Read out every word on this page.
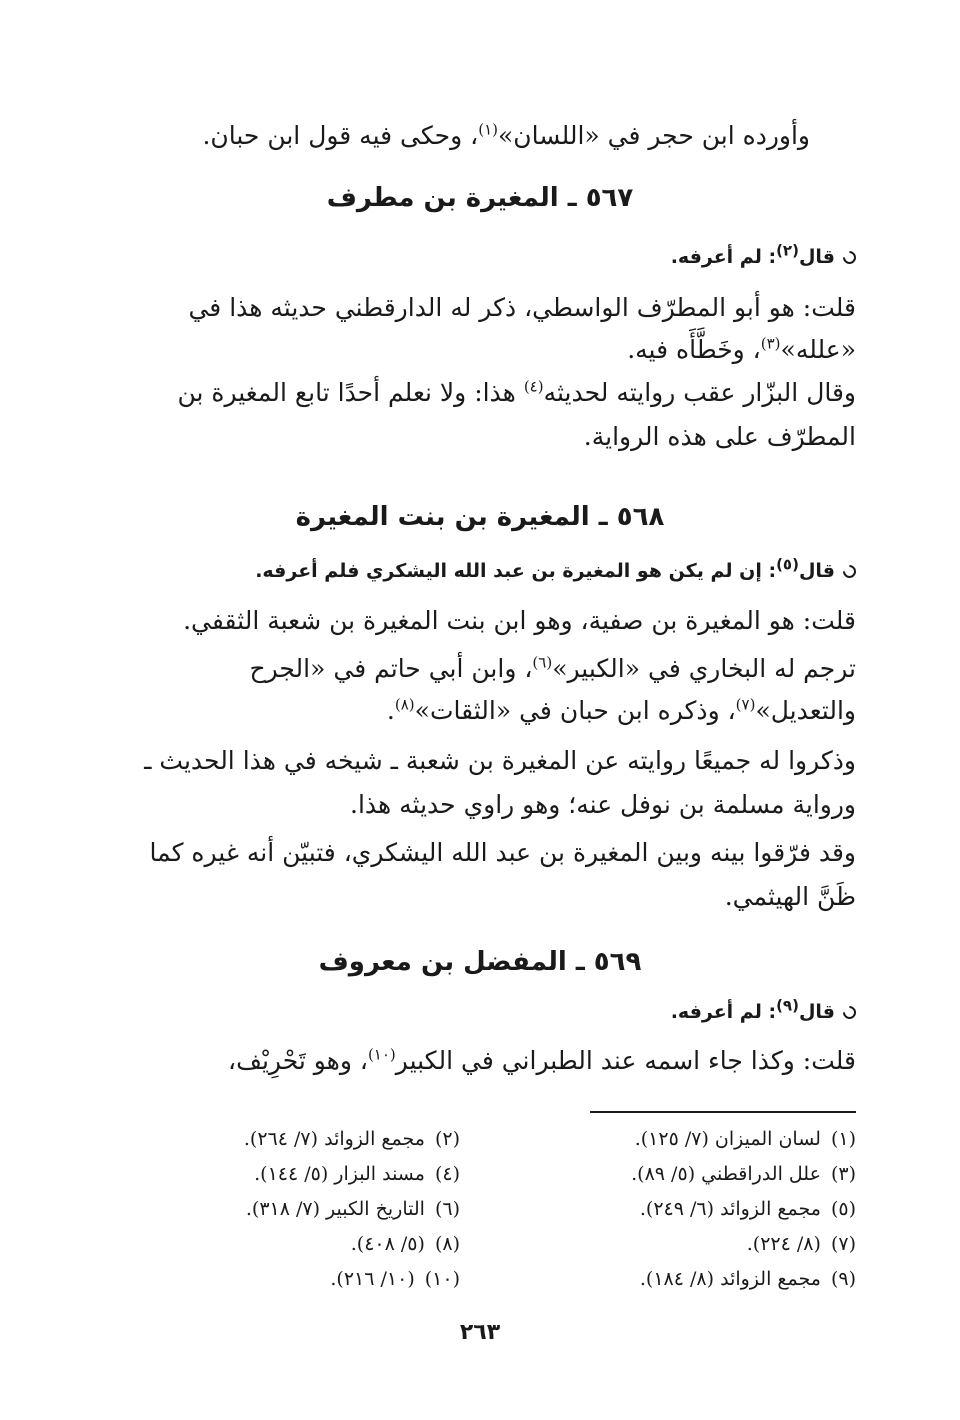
وأورده ابن حجر في «اللسان»$^{(١)}$، وحكى فيه قول ابن حبان.
٥٦٧ ـ المغيرة بن مطرف
قال$^{(٢)}$: لم أعرفه.
قلت: هو أبو المطرّف الواسطي، ذكر له الدارقطني حديثه هذا في
«علله»$^{(٣)}$، وخَطَّأَه فيه.
وقال البزّار عقب روايته لحديثه$^{(٤)}$ هذا: ولا نعلم أحدًا تابع المغيرة بن
المطرّف على هذه الرواية.
٥٦٨ ـ المغيرة بن بنت المغيرة
قال$^{(٥)}$: إن لم يكن هو المغيرة بن عبد الله اليشكري فلم أعرفه.
قلت: هو المغيرة بن صفية، وهو ابن بنت المغيرة بن شعبة الثقفي.
ترجم له البخاري في «الكبير»$^{(٦)}$، وابن أبي حاتم في «الجرح
والتعديل»$^{(٧)}$، وذكره ابن حبان في «الثقات»$^{(٨)}$.
وذكروا له جميعًا روايته عن المغيرة بن شعبة ـ شيخه في هذا الحديث ـ
ورواية مسلمة بن نوفل عنه؛ وهو راوي حديثه هذا.
وقد فرّقوا بينه وبين المغيرة بن عبد الله اليشكري، فتبيّن أنه غيره كما
ظَنَّ الهيثمي.
٥٦٩ ـ المفضل بن معروف
قال$^{(٩)}$: لم أعرفه.
قلت: وكذا جاء اسمه عند الطبراني في الكبير$^{(١٠)}$، وهو تَحْرِيْف،
(١)لسان الميزان (٧/ ١٢٥).
(٢)مجمع الزوائد (٧/ ٢٦٤).
(٣)علل الدراقطني (٥/ ٨٩).
(٤)مسند البزار (٥/ ١٤٤).
(٥)مجمع الزوائد (٦/ ٢٤٩).
(٦)التاريخ الكبير (٧/ ٣١٨).
(٧)(٨/ ٢٢٤).
(٨)(٥/ ٤٠٨).
(٩)مجمع الزوائد (٨/ ١٨٤).
(١٠)(١٠/ ٢١٦).
٢٦٣
